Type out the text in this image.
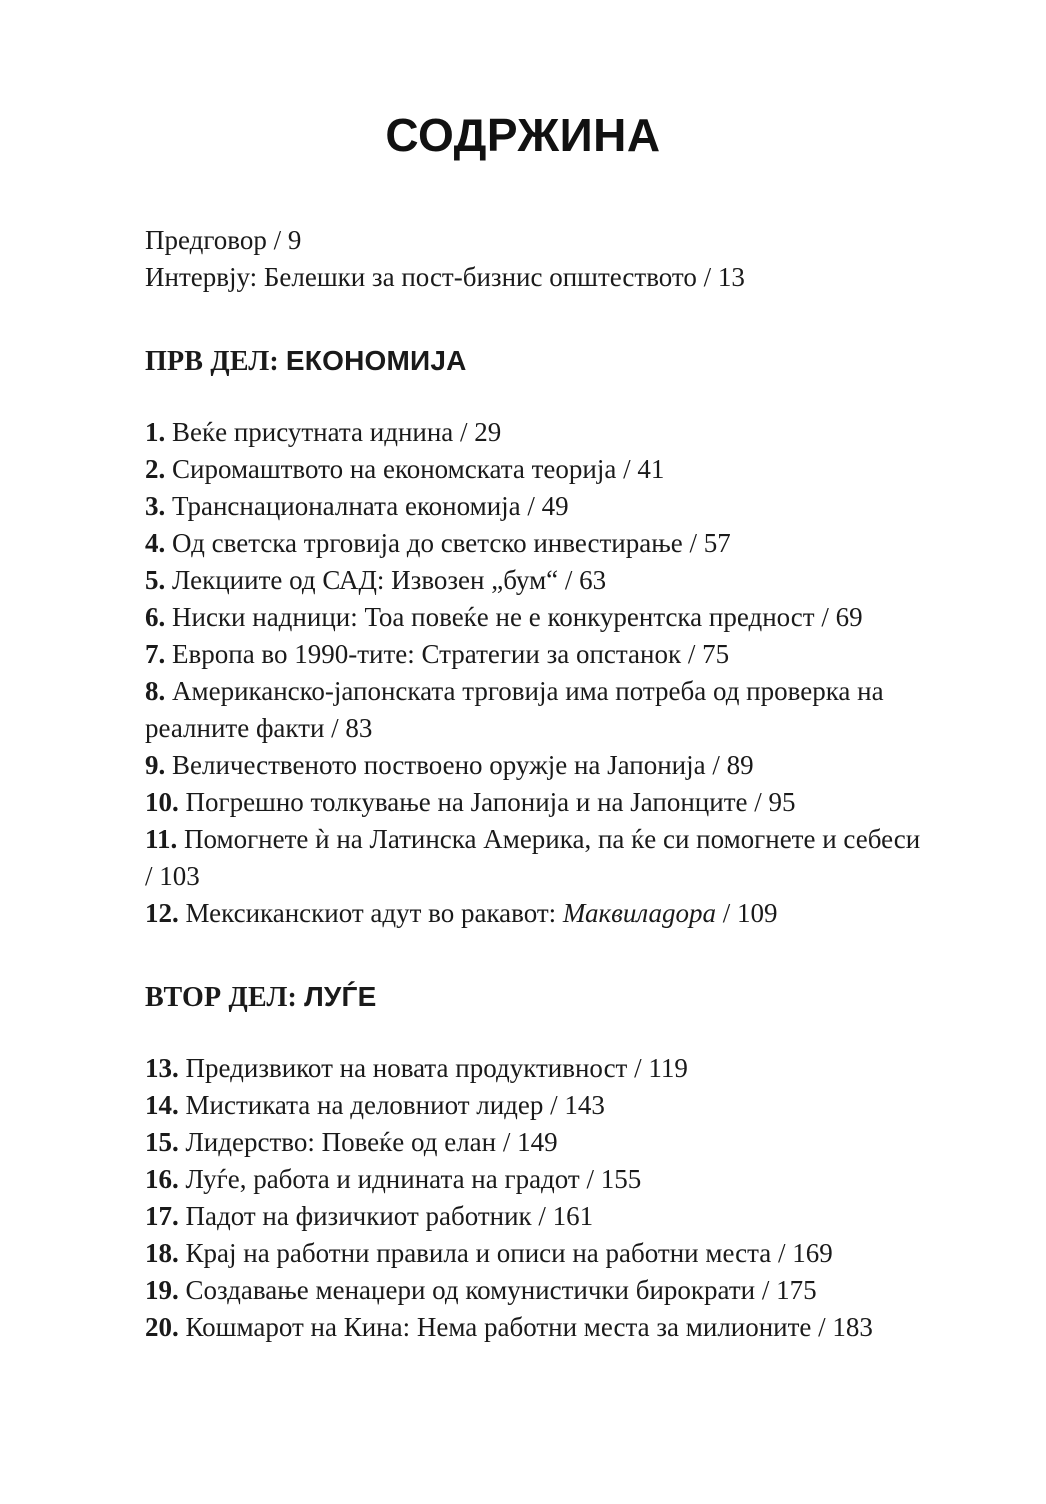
СОДРЖИНА
Предговор / 9
Интервју: Белешки за пост-бизнис општеството / 13
ПРВ ДЕЛ: ЕКОНОМИЈА
1. Веќе присутната иднина / 29
2. Сиромаштвото на економската теорија / 41
3. Транснационалната економија / 49
4. Од светска трговија до светско инвестирање / 57
5. Лекциите од САД: Извозен „бум“ / 63
6. Ниски надници: Тоа повеќе не е конкурентска предност / 69
7. Европа во 1990-тите: Стратегии за опстанок / 75
8. Американско-јапонската трговија има потреба од проверка на реалните факти / 83
9. Величественото поствоено оружје на Јапонија / 89
10. Погрешно толкување на Јапонија и на Јапонците / 95
11. Помогнете ѝ на Латинска Америка, па ќе си помогнете и себеси / 103
12. Мексиканскиот адут во ракавот: Маквиладора / 109
ВТОР ДЕЛ: ЛУЃЕ
13. Предизвикот на новата продуктивност / 119
14. Мистиката на деловниот лидер / 143
15. Лидерство: Повеќе од елан / 149
16. Луѓе, работа и иднината на градот / 155
17. Падот на физичкиот работник / 161
18. Крај на работни правила и описи на работни места / 169
19. Создавање менаџери од комунистички бирократи / 175
20. Кошмарот на Кина: Нема работни места за милионите / 183
